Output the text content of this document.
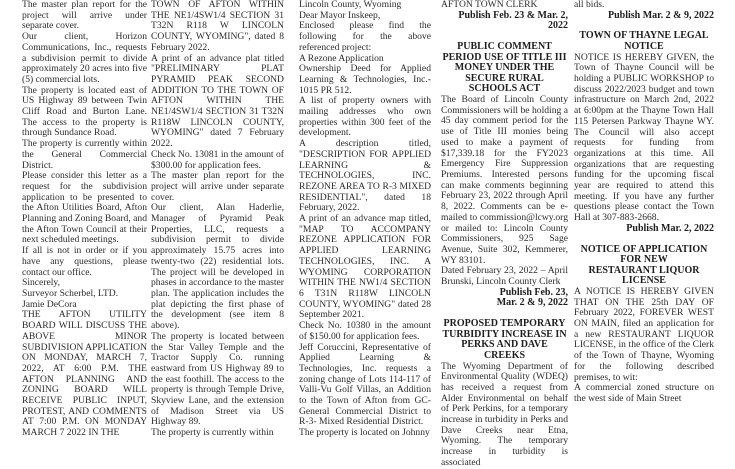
The master plan report for the project will arrive under separate cover.

Our client, Horizon Communications, Inc., requests a subdivision permit to divide approximately 20 acres into five (5) commercial lots.

The property is located east of US Highway 89 between Twin Cliff Road and Burton Lane. The access to the property is through Sundance Road.

The property is currently within the General Commercial District.

Please consider this letter as a request for the subdivision application to be presented to the Afton Utilities Board, Afton Planning and Zoning Board, and the Afton Town Council at their next scheduled meetings.

If all is not in order or if you have any questions, please contact our office.

Sincerely,

Surveyor Scherbel, LTD.

Jamie DeCora

THE AFTON UTILITY BOARD WILL DISCUSS THE ABOVE MINOR SUBDIVISION APPLICATION ON MONDAY, MARCH 7, 2022, AT 6:00 P.M. THE AFTON PLANNING AND ZONING BOARD WILL RECEIVE PUBLIC INPUT, PROTEST, AND COMMENTS AT 7:00 P.M. ON MONDAY MARCH 7 2022 IN THE

TOWN OF AFTON WITHIN THE NE1/4SW1/4 SECTION 31 T32N R118 W LINCOLN COUNTY, WYOMING", dated 8 February 2022.

A print of an advance plat titled "PRELIMINARY PLAT PYRAMID PEAK SECOND ADDITION TO THE TOWN OF AFTON WITHIN THE NE1/4SW1/4 SECTION 31 T32N R118W LINCOLN COUNTY, WYOMING" dated 7 February 2022.

Check No. 13081 in the amount of $300.00 for application fees.

The master plan report for the project will arrive under separate cover.

Our client, Alan Haderlie, Manager of Pyramid Peak Properties, LLC, requests a subdivision permit to divide approximately 15.75 acres into twenty-two (22) residential lots. The project will be developed in phases in accordance to the master plan. The application includes the plat depicting the first phase of the development (see item 8 above).

The property is located between the Star Valley Temple and the Tractor Supply Co. running eastward from US Highway 89 to the east foothill. The access to the property is through Temple Drive, Skyview Lane, and the extension of Madison Street via US Highway 89.

The property is currently within

Lincoln County, Wyoming

Dear Mayor Inskeep,

Enclosed please find the following for the above referenced project:

A Rezone Application

Ownership Deed for Applied Learning & Technologies, Inc.- 1015 PR 512.

A list of property owners with mailing addresses who own properties within 300 feet of the development.

A description titled, "DESCRIPTION FOR APPLIED LEARNING & TECHNOLOGIES, INC. REZONE AREA TO R-3 MIXED RESIDENTIAL", dated 18 February, 2022.

A print of an advance map titled, "MAP TO ACCOMPANY REZONE APPLICATION FOR APPLIED LEARNING TECHNOLOGIES, INC. A WYOMING CORPORATION WITHIN THE NW1/4 SECTION 6 T31N R118W LINCOLN COUNTY, WYOMING" dated 28 September 2021.

Check No. 10380 in the amount of $150.00 for application fees.

Jeff Coruccini, Representative of Applied Learning & Technologies, Inc. requests a zoning change of Lots 114-117 of Valli-Vu Golf Villas, an Addition to the Town of Afton from GC- General Commercial District to R-3- Mixed Residential District.

The property is located on Johnny

AFTON TOWN CLERK

Publish Feb. 23 & Mar. 2, 2022

PUBLIC COMMENT PERIOD USE OF TITLE III MONEY UNDER THE SECURE RURAL SCHOOLS ACT

The Board of Lincoln County Commissioners will be holding a 45 day comment period for the use of Title III monies being used to make a payment of $17,339.18 for the FY2023 Emergency Fire Suppression Premiums. Interested persons can make comments beginning February 23, 2022 through April 8, 2022. Comments can be e-mailed to commission@lcwy.org or mailed to: Lincoln County Commissioners, 925 Sage Avenue, Suite 302, Kemmerer, WY 83101.

Dated February 23, 2022 – April Brunski, Lincoln County Clerk

Publish Feb. 23,

Mar. 2 & 9, 2022

PROPOSED TEMPORARY TURBIDITY INCREASE IN PERKS AND DAVE CREEKS

The Wyoming Department of Environmental Quality (WDEQ) has received a request from Alder Environmental on behalf of Perk Perkins, for a temporary increase in turbidity in Perks and Dave Creeks near Etna, Wyoming. The temporary increase in turbidity is associated

all bids.

Publish Mar. 2 & 9, 2022

TOWN OF THAYNE LEGAL NOTICE

NOTICE IS HEREBY GIVEN, the Town of Thayne Council will be holding a PUBLIC WORKSHOP to discuss 2022/2023 budget and town infrastructure on March 2nd, 2022 at 6:00pm at the Thayne Town Hall 115 Petersen Parkway Thayne WY. The Council will also accept requests for funding from organizations at this time. All organizations that are requesting funding for the upcoming fiscal year are required to attend this meeting. If you have any further questions please contact the Town Hall at 307-883-2668.

Publish Mar. 2, 2022

NOTICE OF APPLICATION FOR NEW

RESTAURANT LIQUOR LICENSE

A NOTICE IS HEREBY GIVEN THAT ON THE 25th DAY OF February 2022, FOREVER WEST ON MAIN, filed an application for a new RESTAURANT LIQUOR LICENSE, in the office of the Clerk of the Town of Thayne, Wyoming for the following described premises, to wit:

A commercial zoned structure on the west side of Main Street
